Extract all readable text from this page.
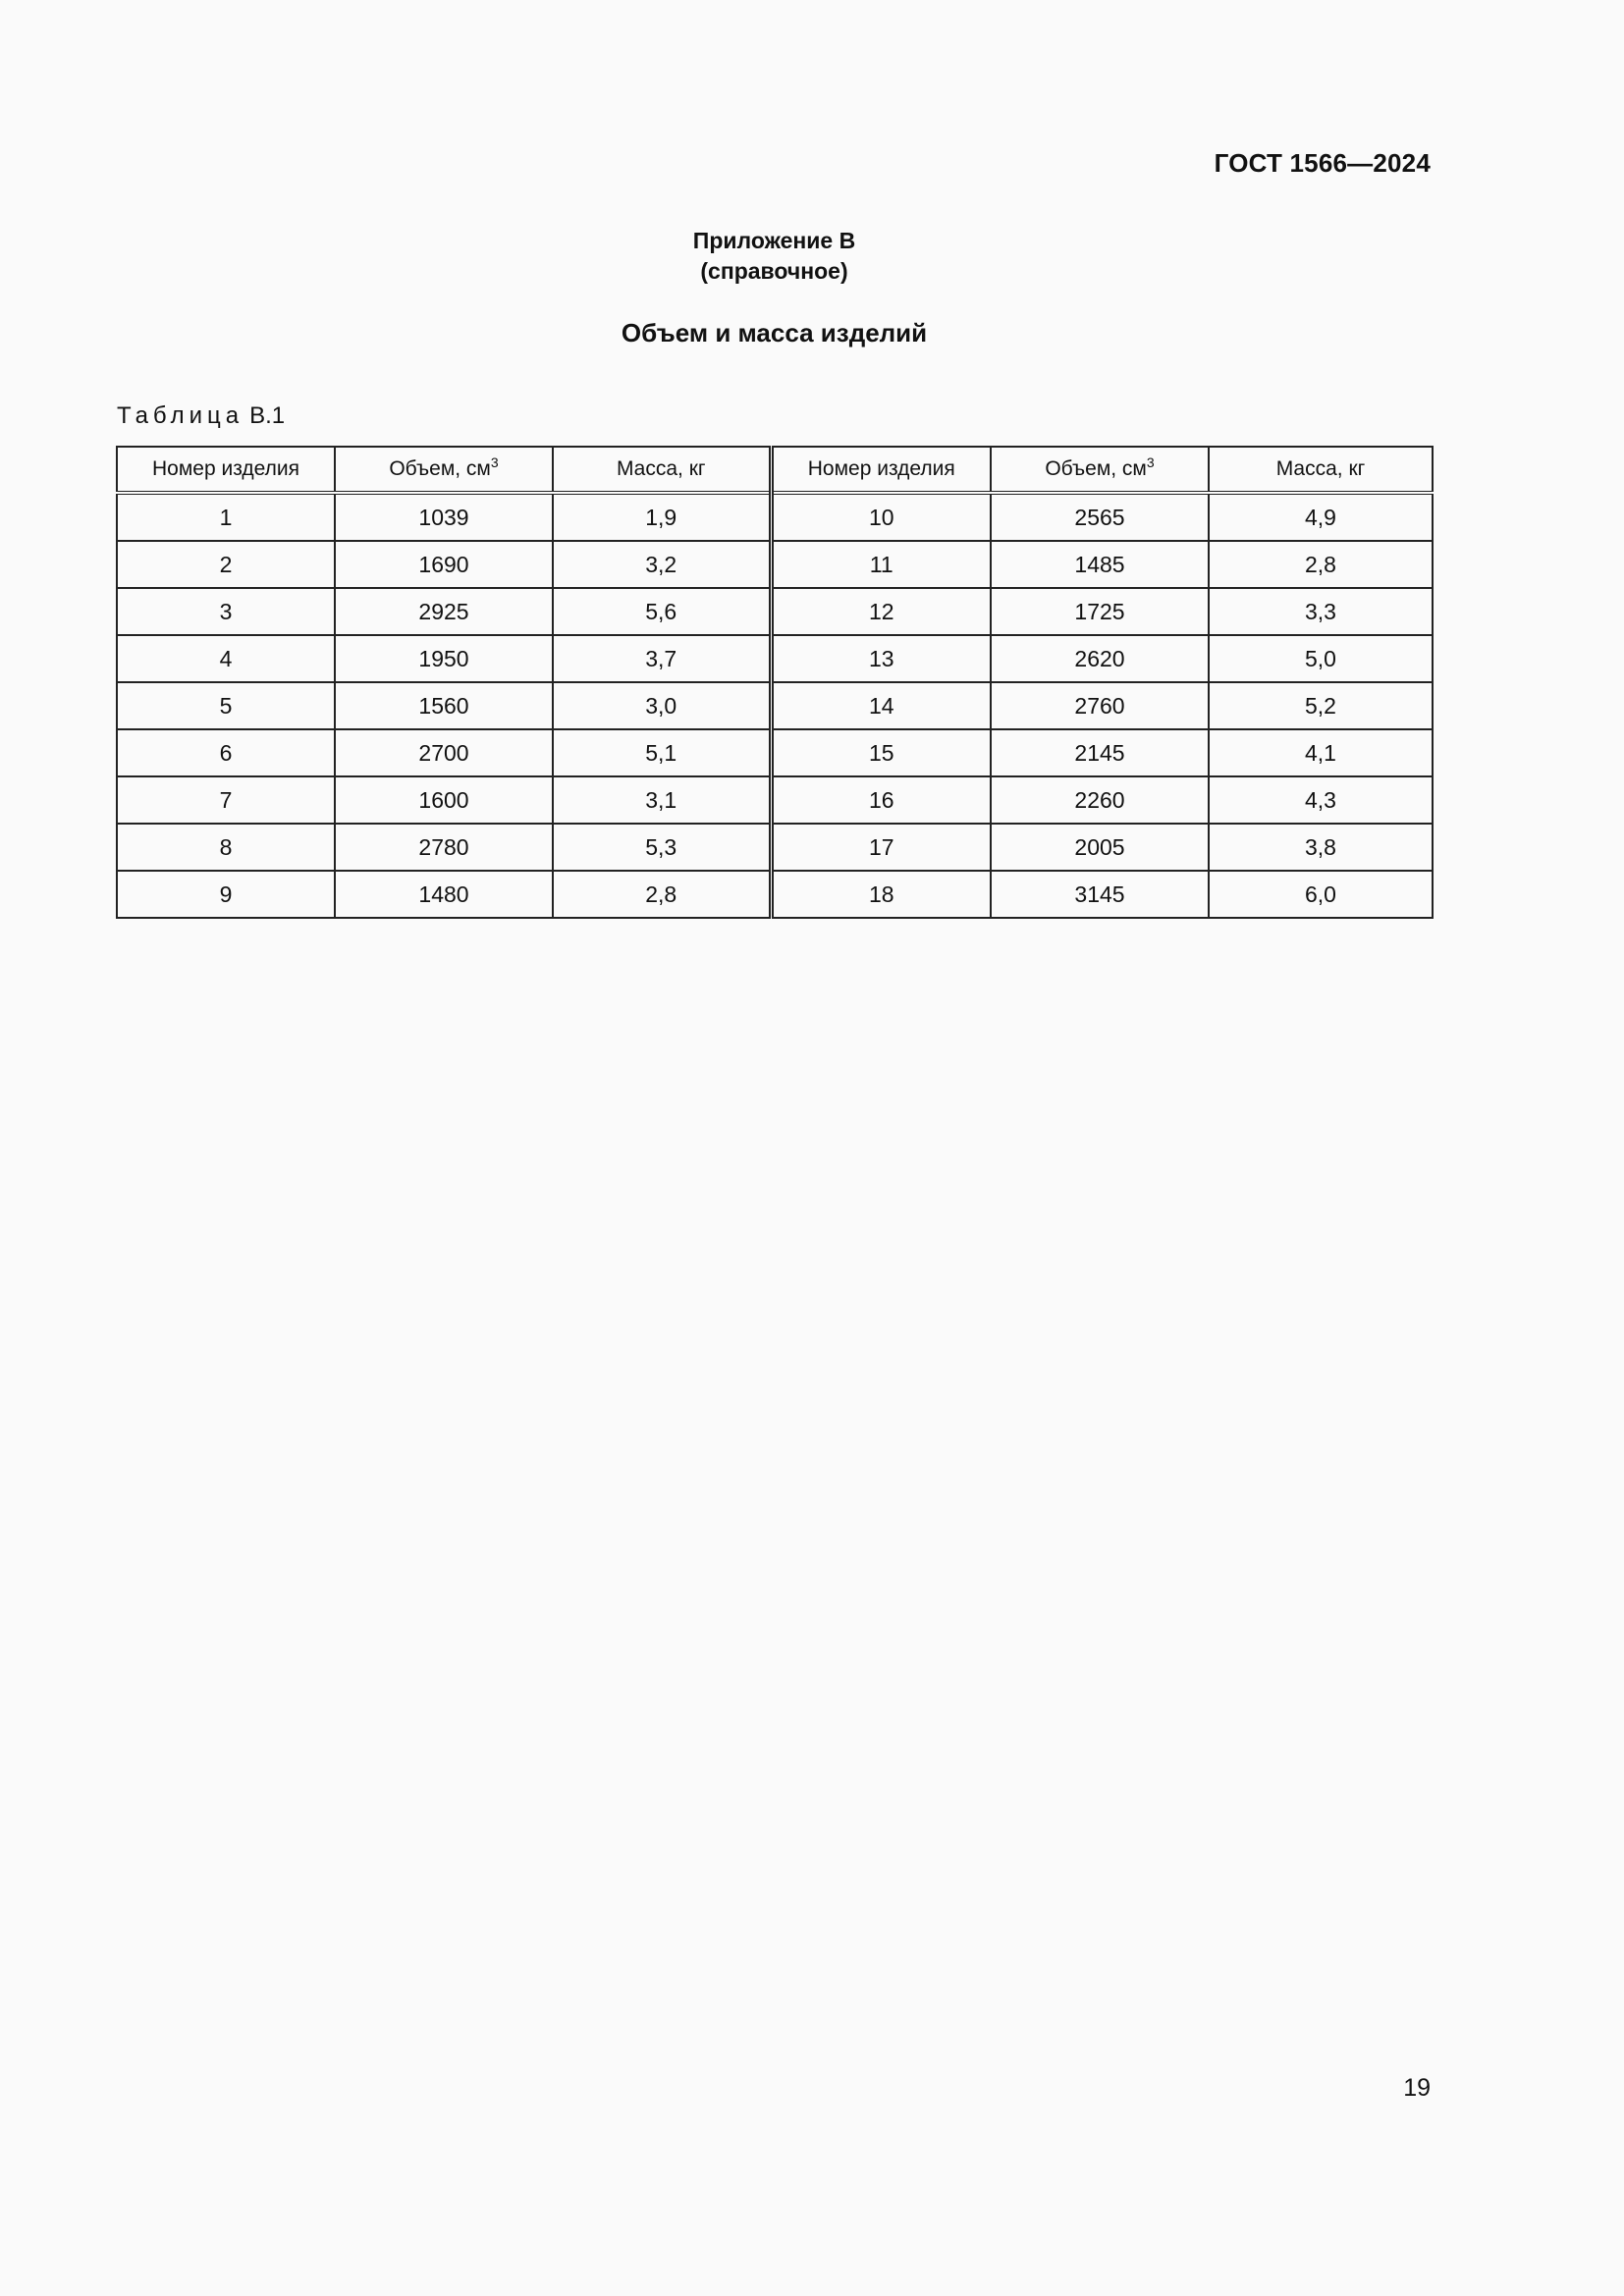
ГОСТ 1566—2024
Приложение В
(справочное)
Объем и масса изделий
Таблица В.1
Номер изделия	Объем, $см^3$	Масса, кг	Номер изделия	Объем, $см^3$	Масса, кг
1	1039	1,9	10	2565	4,9
2	1690	3,2	11	1485	2,8
3	2925	5,6	12	1725	3,3
4	1950	3,7	13	2620	5,0
5	1560	3,0	14	2760	5,2
6	2700	5,1	15	2145	4,1
7	1600	3,1	16	2260	4,3
8	2780	5,3	17	2005	3,8
9	1480	2,8	18	3145	6,0
19
